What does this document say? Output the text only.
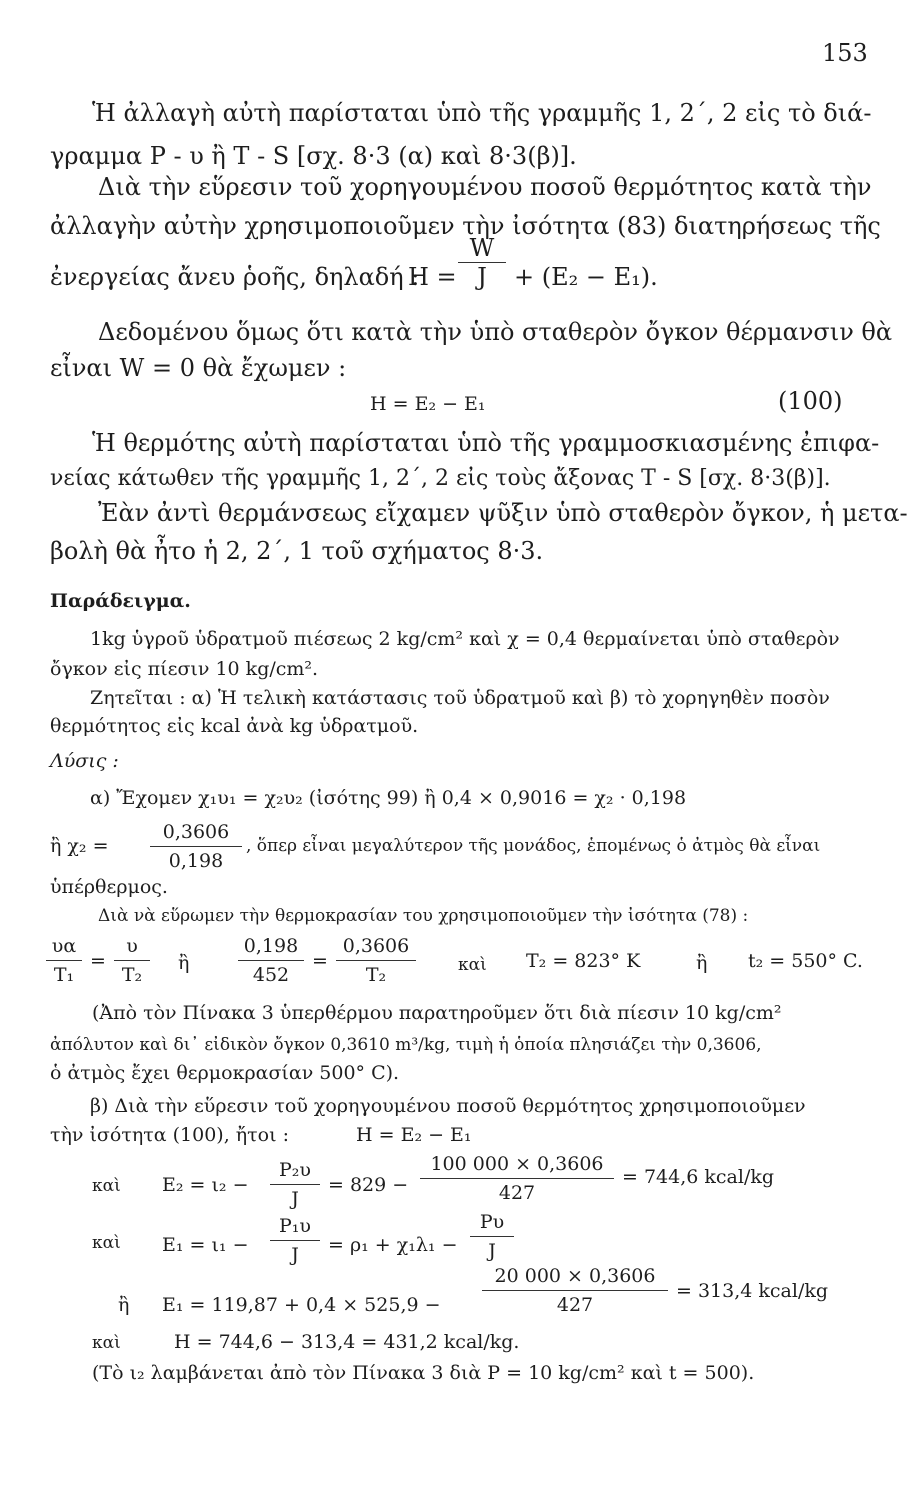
153
Ἡ ἀλλαγὴ αὐτὴ παρίσταται ὑπὸ τῆς γραμμῆς 1, 2΄, 2 εἰς τὸ διά-
γραμμα P - υ ἢ T - S [σχ. 8·3 (α) καὶ 8·3(β)].
Διὰ τὴν εὕρεσιν τοῦ χορηγουμένου ποσοῦ θερμότητος κατὰ τὴν
ἀλλαγὴν αὐτὴν χρησιμοποιοῦμεν τὴν ἰσότητα (83) διατηρήσεως τῆς
ἐνεργείας ἄνευ ῥοῆς, δηλαδή :
H =
W
J	+ (E₂ − E₁).
Δεδομένου ὅμως ὅτι κατὰ τὴν ὑπὸ σταθερὸν ὄγκον θέρμανσιν θὰ
εἶναι W = 0 θὰ ἔχωμεν :
H = E₂ − E₁	(100)
Ἡ θερμότης αὐτὴ παρίσταται ὑπὸ τῆς γραμμοσκιασμένης ἐπιφα-
νείας κάτωθεν τῆς γραμμῆς 1, 2΄, 2 εἰς τοὺς ἄξονας T - S [σχ. 8·3(β)].
Ἐὰν ἀντὶ θερμάνσεως εἴχαμεν ψῦξιν ὑπὸ σταθερὸν ὄγκον, ἡ μετα-
βολὴ θὰ ἦτο ἡ 2, 2΄, 1 τοῦ σχήματος 8·3.
Παράδειγμα.
1kg ὑγροῦ ὑδρατμοῦ πιέσεως 2 kg/cm² καὶ χ = 0,4 θερμαίνεται ὑπὸ σταθερὸν
ὄγκον εἰς πίεσιν 10 kg/cm².
Ζητεῖται : α) Ἡ τελικὴ κατάστασις τοῦ ὑδρατμοῦ καὶ β) τὸ χορηγηθὲν ποσὸν
θερμότητος εἰς kcal ἀνὰ kg ὑδρατμοῦ.
Λύσις :
α) Ἔχομεν χ₁υ₁ = χ₂υ₂ (ἰσότης 99) ἢ 0,4 × 0,9016 = χ₂ · 0,198
ἢ χ₂ =
0,3606
0,198
, ὅπερ εἶναι μεγαλύτερον τῆς μονάδος, ἑπομένως ὁ ἀτμὸς θὰ εἶναι
ὑπέρθερμος.
Διὰ νὰ εὕρωμεν τὴν θερμοκρασίαν του χρησιμοποιοῦμεν τὴν ἰσότητα (78) :
υα
T₁
=
υ
T₂
ἢ
0,198
452
=
0,3606
T₂	καὶ T₂ = 823° K	ἢ t₂ = 550° C.
(Ἀπὸ τὸν Πίνακα 3 ὑπερθέρμου παρατηροῦμεν ὅτι διὰ πίεσιν 10 kg/cm²
ἀπόλυτον καὶ δι᾽ εἰδικὸν ὄγκον 0,3610 m³/kg, τιμὴ ἡ ὁποία πλησιάζει τὴν 0,3606,
ὁ ἀτμὸς ἔχει θερμοκρασίαν 500° C).
β) Διὰ τὴν εὕρεσιν τοῦ χορηγουμένου ποσοῦ θερμότητος χρησιμοποιοῦμεν
τὴν ἰσότητα (100), ἤτοι :	H = E₂ − E₁
καὶ E₂ = ι₂ −
P₂υ
J
= 829 −
100 000 × 0,3606
427
= 744,6 kcal/kg
καὶ E₁ = ι₁ −
P₁υ
J	= ρ₁ + χ₁λ₁ −
Pυ
J
ἢ E₁ = 119,87 + 0,4 × 525,9 −
20 000 × 0,3606
427
= 313,4 kcal/kg
καὶ	H = 744,6 − 313,4 = 431,2 kcal/kg.
(Τὸ ι₂ λαμβάνεται ἀπὸ τὸν Πίνακα 3 διὰ P = 10 kg/cm² καὶ t = 500).
